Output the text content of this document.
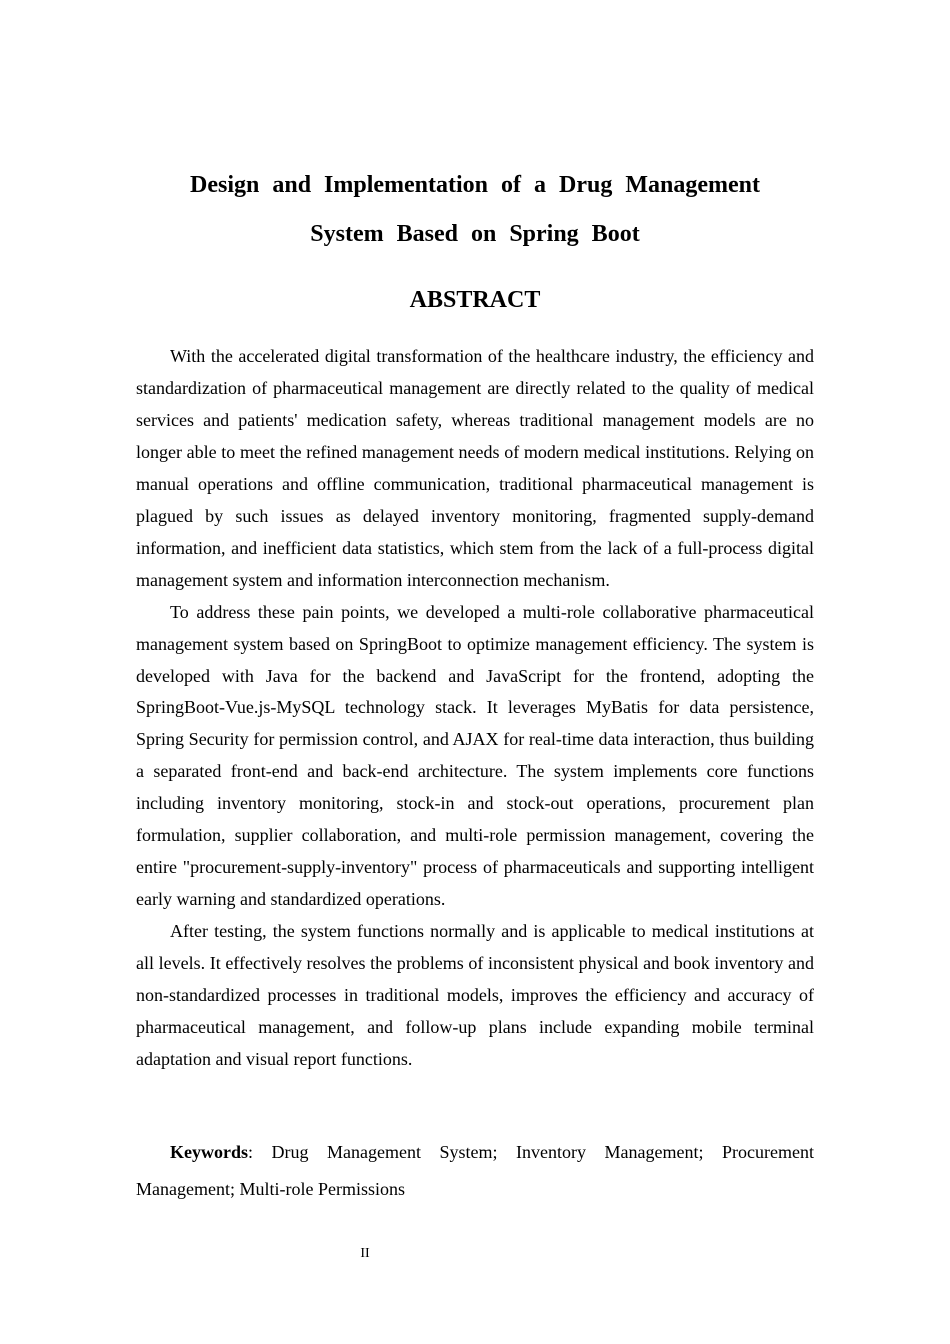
Design and Implementation of a Drug Management
System Based on Spring Boot
ABSTRACT

With the accelerated digital transformation of the healthcare industry, the efficiency and standardization of pharmaceutical management are directly related to the quality of medical services and patients' medication safety, whereas traditional management models are no longer able to meet the refined management needs of modern medical institutions. Relying on manual operations and offline communication, traditional pharmaceutical management is plagued by such issues as delayed inventory monitoring, fragmented supply-demand information, and inefficient data statistics, which stem from the lack of a full-process digital management system and information interconnection mechanism.

To address these pain points, we developed a multi-role collaborative pharmaceutical management system based on SpringBoot to optimize management efficiency. The system is developed with Java for the backend and JavaScript for the frontend, adopting the SpringBoot-Vue.js-MySQL technology stack. It leverages MyBatis for data persistence, Spring Security for permission control, and AJAX for real-time data interaction, thus building a separated front-end and back-end architecture. The system implements core functions including inventory monitoring, stock-in and stock-out operations, procurement plan formulation, supplier collaboration, and multi-role permission management, covering the entire "procurement-supply-inventory" process of pharmaceuticals and supporting intelligent early warning and standardized operations.

After testing, the system functions normally and is applicable to medical institutions at all levels. It effectively resolves the problems of inconsistent physical and book inventory and non-standardized processes in traditional models, improves the efficiency and accuracy of pharmaceutical management, and follow-up plans include expanding mobile terminal adaptation and visual report functions.

Keywords: Drug Management System; Inventory Management; Procurement Management; Multi-role Permissions

II
